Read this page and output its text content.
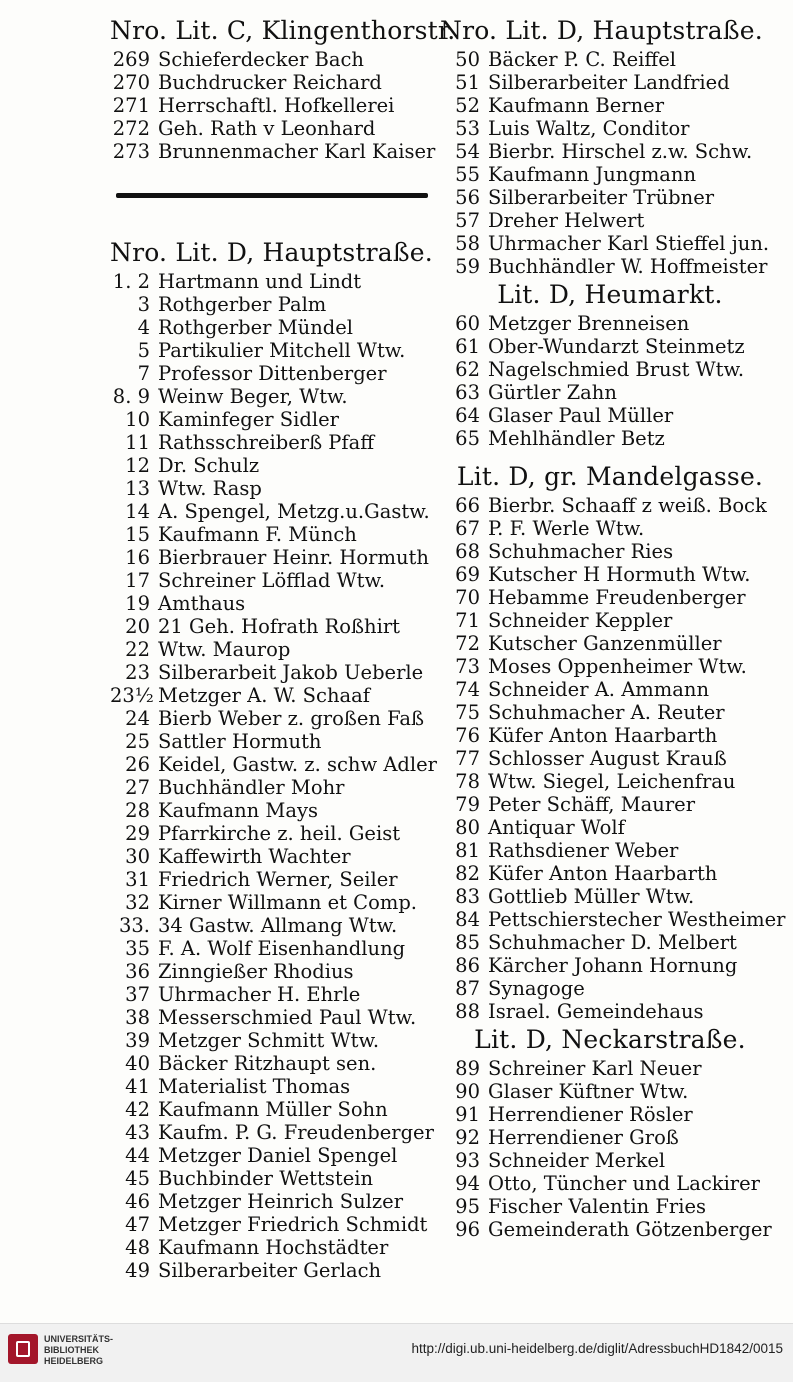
Nro. Lit. C, Klingenthorstr.
269 Schieferdecker Bach
270 Buchdrucker Reichard
271 Herrschaftl. Hofkellerei
272 Geh. Rath v Leonhard
273 Brunnenmacher Karl Kaiser
Nro. Lit. D, Hauptstraße.
1. 2 Hartmann und Lindt
3 Rothgerber Palm
4 Rothgerber Mündel
5 Partikulier Mitchell Wtw.
7 Professor Dittenberger
8. 9 Weinw Beger, Wtw.
10 Kaminfeger Sidler
11 Rathsschreiberß Pfaff
12 Dr. Schulz
13 Wtw. Rasp
14 A. Spengel, Metzg.u.Gastw.
15 Kaufmann F. Münch
16 Bierbrauer Heinr. Hormuth
17 Schreiner Löfflad Wtw.
19 Amthaus
20 21 Geh. Hofrath Roßhirt
22 Wtw. Maurop
23 Silberarbeit Jakob Ueberle
23½ Metzger A. W. Schaaf
24 Bierb Weber z. großen Faß
25 Sattler Hormuth
26 Keidel, Gastw. z. schw Adler
27 Buchhändler Mohr
28 Kaufmann Mays
29 Pfarrkirche z. heil. Geist
30 Kaffewirth Wachter
31 Friedrich Werner, Seiler
32 Kirner Willmann et Comp.
33. 34 Gastw. Allmang Wtw.
35 F. A. Wolf Eisenhandlung
36 Zinngießer Rhodius
37 Uhrmacher H. Ehrle
38 Messerschmied Paul Wtw.
39 Metzger Schmitt Wtw.
40 Bäcker Ritzhaupt sen.
41 Materialist Thomas
42 Kaufmann Müller Sohn
43 Kaufm. P. G. Freudenberger
44 Metzger Daniel Spengel
45 Buchbinder Wettstein
46 Metzger Heinrich Sulzer
47 Metzger Friedrich Schmidt
48 Kaufmann Hochstädter
49 Silberarbeiter Gerlach
Nro. Lit. D, Hauptstraße.
50 Bäcker P. C. Reiffel
51 Silberarbeiter Landfried
52 Kaufmann Berner
53 Luis Waltz, Conditor
54 Bierbr. Hirschel z.w. Schw.
55 Kaufmann Jungmann
56 Silberarbeiter Trübner
57 Dreher Helwert
58 Uhrmacher Karl Stieffel jun.
59 Buchhändler W. Hoffmeister
Lit. D, Heumarkt.
60 Metzger Brenneisen
61 Ober-Wundarzt Steinmetz
62 Nagelschmied Brust Wtw.
63 Gürtler Zahn
64 Glaser Paul Müller
65 Mehlhändler Betz
Lit. D, gr. Mandelgasse.
66 Bierbr. Schaaff z weiß. Bock
67 P. F. Werle Wtw.
68 Schuhmacher Ries
69 Kutscher H Hormuth Wtw.
70 Hebamme Freudenberger
71 Schneider Keppler
72 Kutscher Ganzenmüller
73 Moses Oppenheimer Wtw.
74 Schneider A. Ammann
75 Schuhmacher A. Reuter
76 Küfer Anton Haarbarth
77 Schlosser August Krauß
78 Wtw. Siegel, Leichenfrau
79 Peter Schäff, Maurer
80 Antiquar Wolf
81 Rathsdiener Weber
82 Küfer Anton Haarbarth
83 Gottlieb Müller Wtw.
84 Pettschierstecher Westheimer
85 Schuhmacher D. Melbert
86 Kärcher Johann Hornung
87 Synagoge
88 Israel. Gemeindehaus
Lit. D, Neckarstraße.
89 Schreiner Karl Neuer
90 Glaser Küftner Wtw.
91 Herrendiener Rösler
92 Herrendiener Groß
93 Schneider Merkel
94 Otto, Tüncher und Lackirer
95 Fischer Valentin Fries
96 Gemeinderath Götzenberger
UNIVERSITÄTS-
BIBLIOTHEK
HEIDELBERG
http://digi.ub.uni-heidelberg.de/diglit/AdressbuchHD1842/0015
